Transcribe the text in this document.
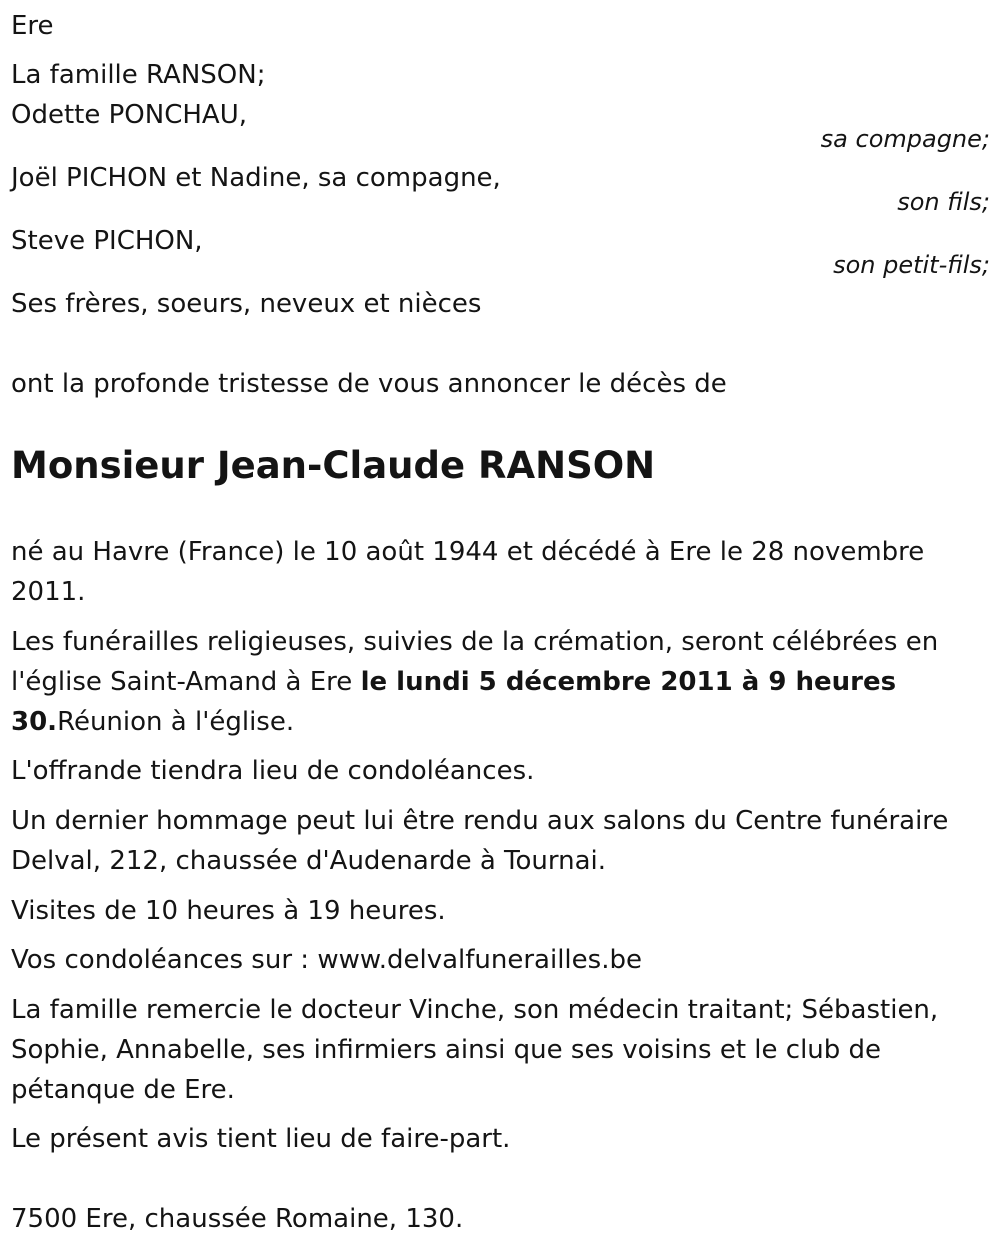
Ere
La famille RANSON;
Odette PONCHAU,
sa compagne;
Joël PICHON et Nadine, sa compagne,
son fils;
Steve PICHON,
son petit-fils;
Ses frères, soeurs, neveux et nièces
ont la profonde tristesse de vous annoncer le décès de
Monsieur Jean-Claude RANSON
né au Havre (France) le 10 août 1944 et décédé à Ere le 28 novembre
2011.
Les funérailles religieuses, suivies de la crémation, seront célébrées en
l'église Saint-Amand à Ere le lundi 5 décembre 2011 à 9 heures
30.Réunion à l'église.
L'offrande tiendra lieu de condoléances.
Un dernier hommage peut lui être rendu aux salons du Centre funéraire
Delval, 212, chaussée d'Audenarde à Tournai.
Visites de 10 heures à 19 heures.
Vos condoléances sur : www.delvalfunerailles.be
La famille remercie le docteur Vinche, son médecin traitant; Sébastien,
Sophie, Annabelle, ses infirmiers ainsi que ses voisins et le club de
pétanque de Ere.
Le présent avis tient lieu de faire-part.
7500 Ere, chaussée Romaine, 130.
